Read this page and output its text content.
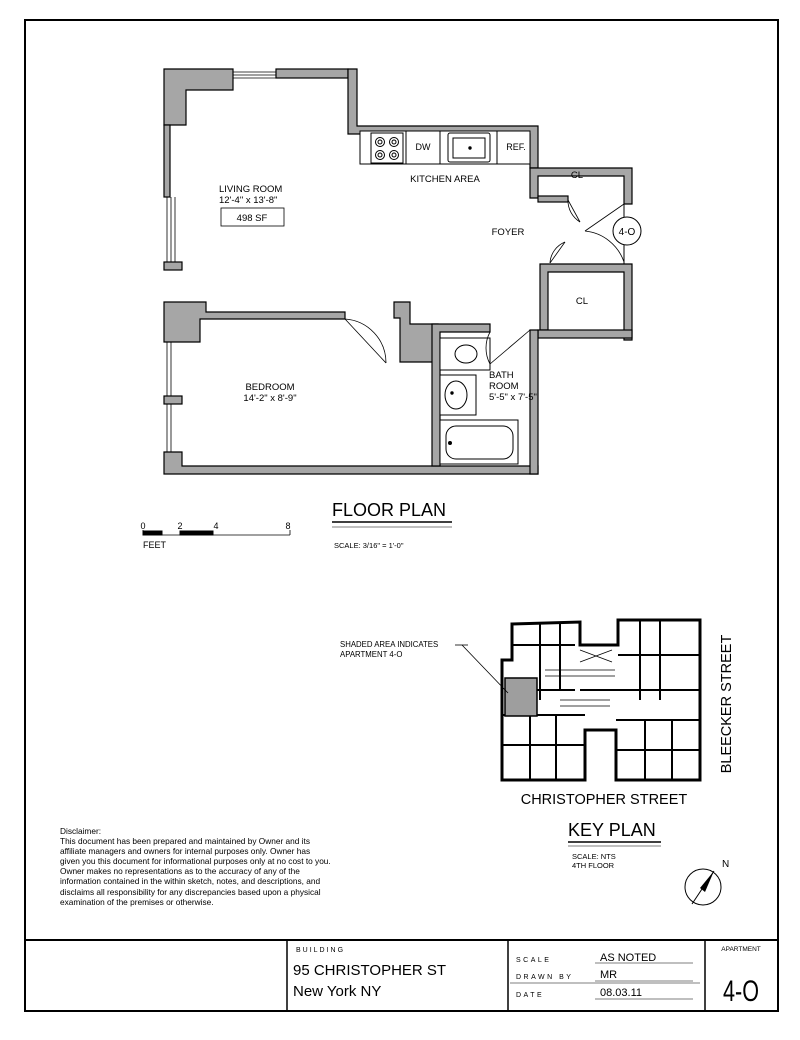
DW	REF.
4-O
LIVING ROOM
12'-4" x 13'-8"
498 SF
KITCHEN AREA
FOYER
CL
CL
BEDROOM
14'-2" x 8'-9"
BATH
ROOM
5'-5" x 7'-5"
FLOOR PLAN
SCALE: 3/16" = 1'-0"
0	2	4	8
FEET
SHADED AREA INDICATES
APARTMENT 4-O
CHRISTOPHER STREET
BLEECKER STREET
KEY PLAN
SCALE: NTS
4TH FLOOR	N
BUILDING
95 CHRISTOPHER ST
New York NY
SCALE	AS NOTED
DRAWN BY MR
DATE	08.03.11
APARTMENT
4-O

Disclaimer:

This document has been prepared and maintained by Owner and its

affiliate managers and owners for internal purposes only. Owner has

given you this document for informational purposes only at no cost to you.

Owner makes no representations as to the accuracy of any of the

information contained in the within sketch, notes, and descriptions, and

disclaims all responsibility for any discrepancies based upon a physical

examination of the premises or otherwise.
